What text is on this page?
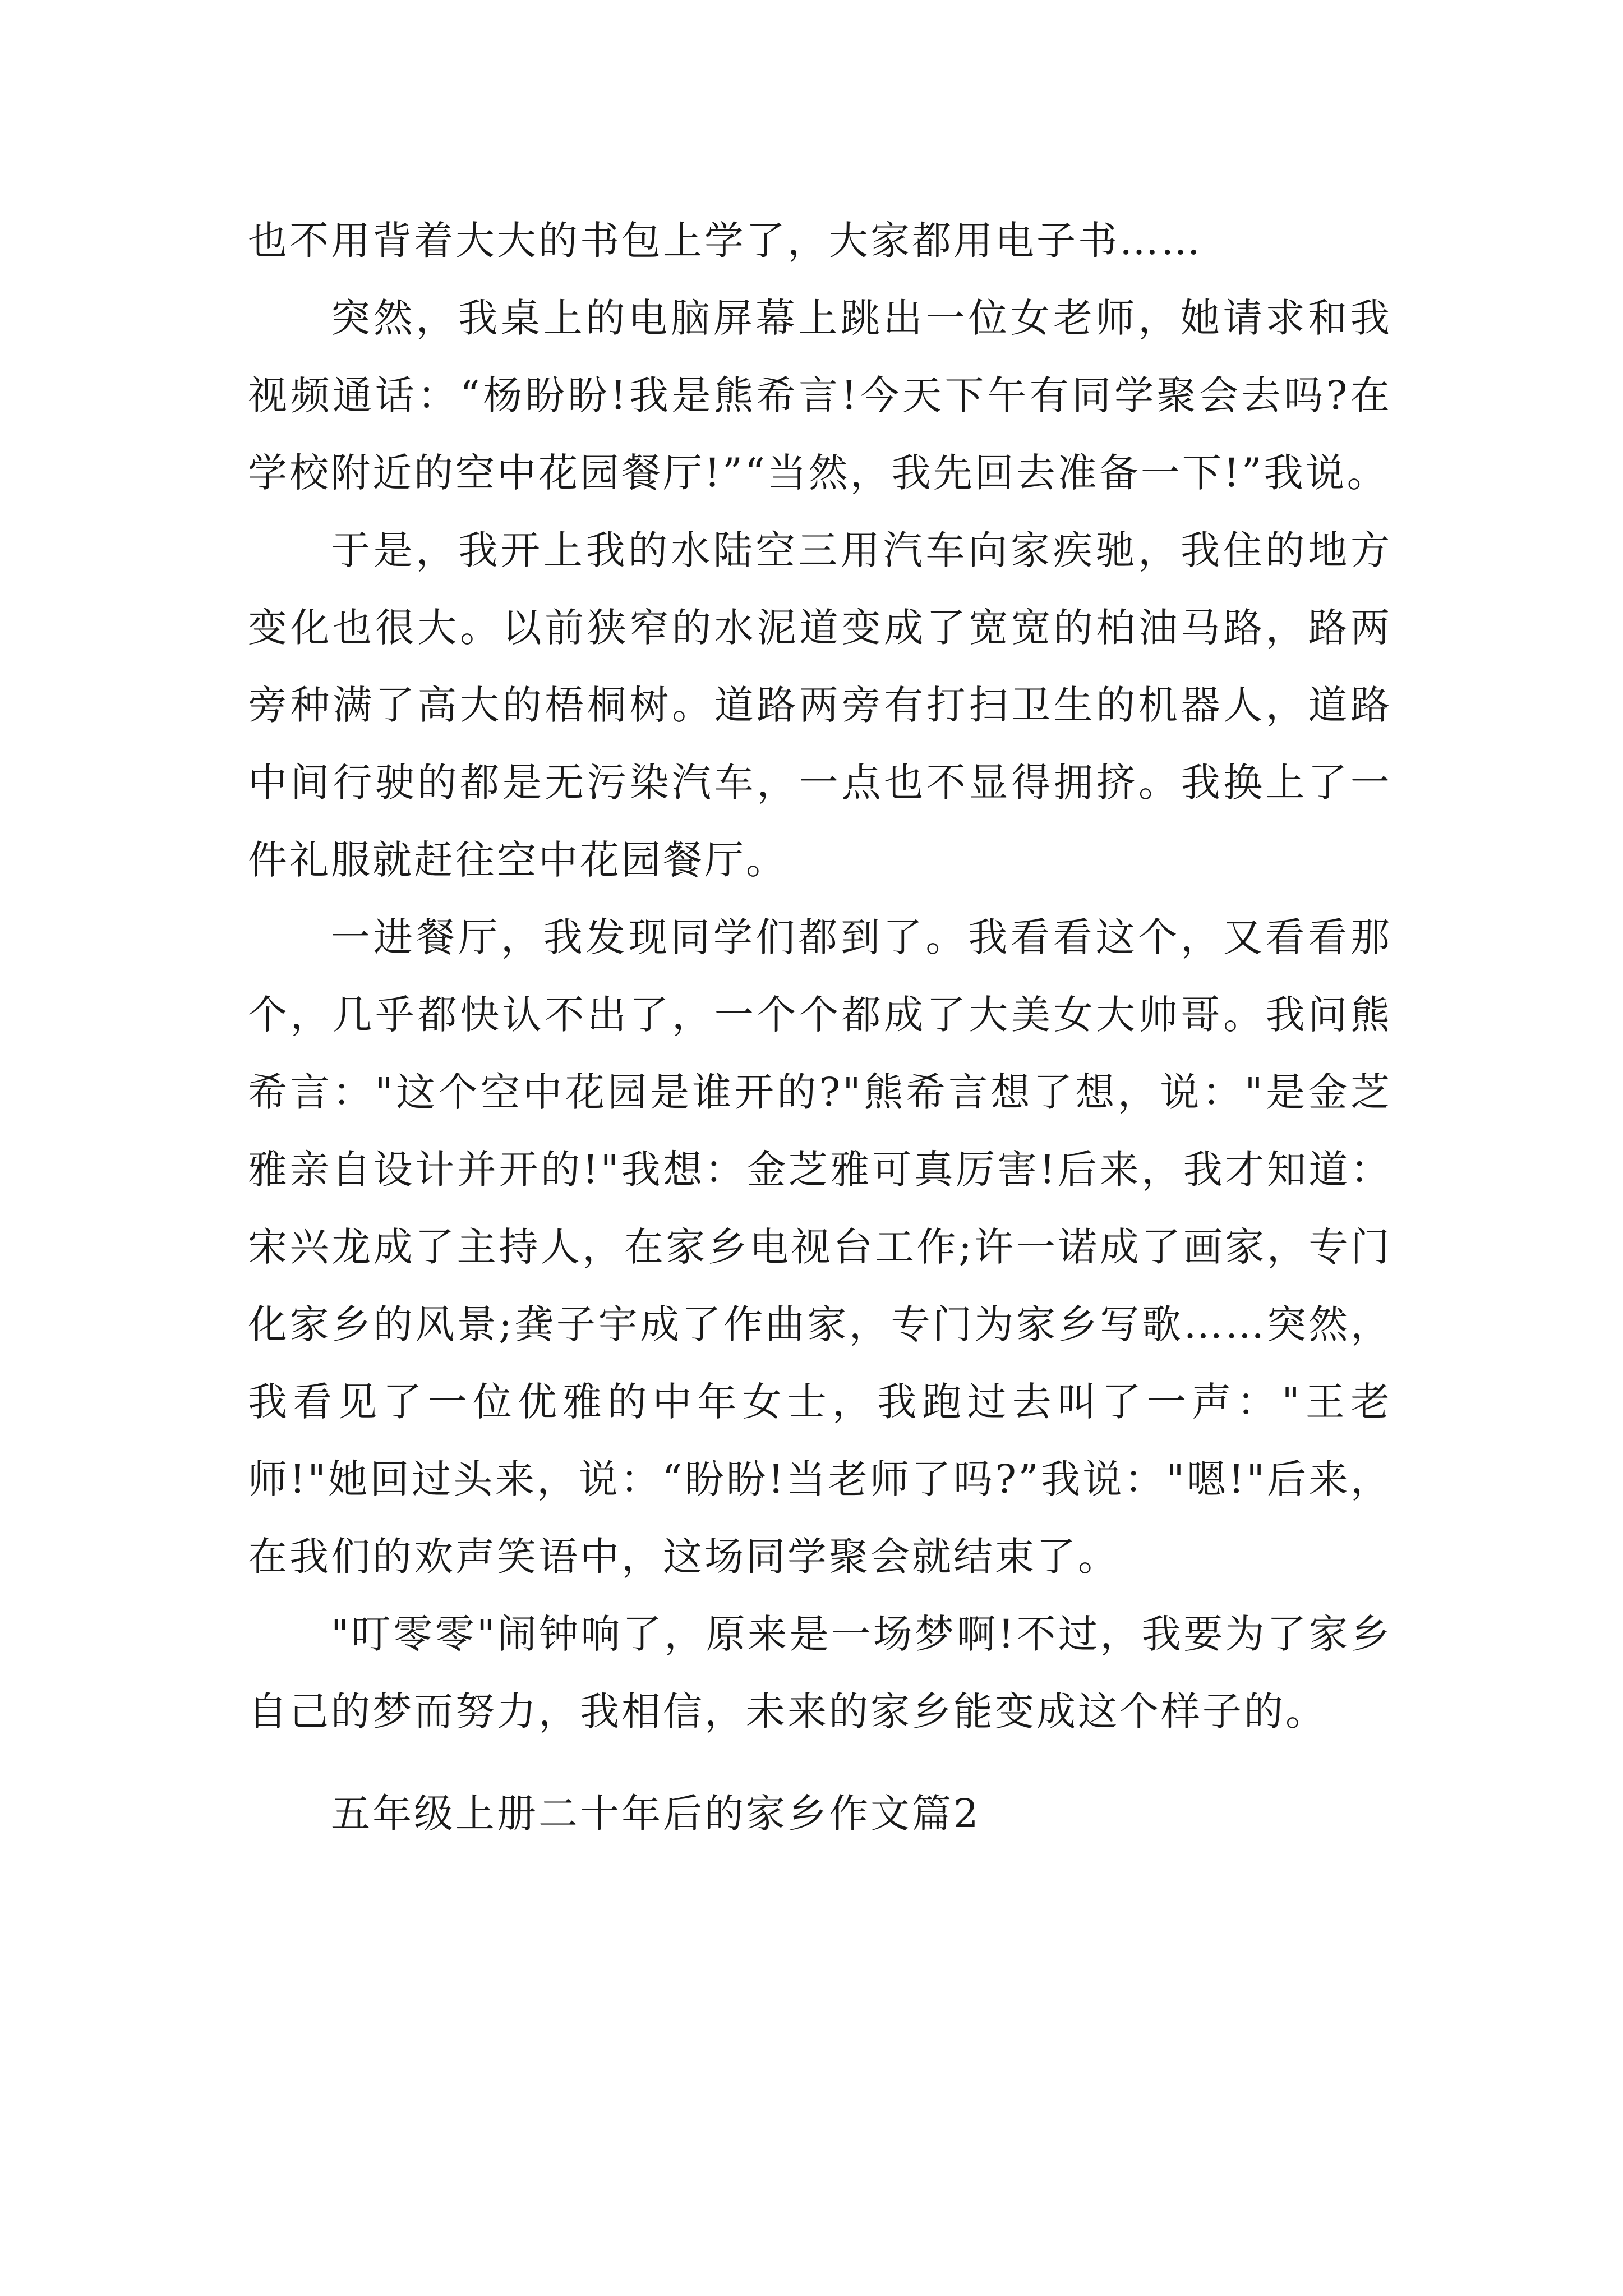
也不用背着大大的书包上学了，大家都用电子书……

突然，我桌上的电脑屏幕上跳出一位女老师，她请求和我视频通话：“杨盼盼!我是熊希言!今天下午有同学聚会去吗?在学校附近的空中花园餐厅!”“当然，我先回去准备一下!”我说。

于是，我开上我的水陆空三用汽车向家疾驰，我住的地方变化也很大。以前狭窄的水泥道变成了宽宽的柏油马路，路两旁种满了高大的梧桐树。道路两旁有打扫卫生的机器人，道路中间行驶的都是无污染汽车，一点也不显得拥挤。我换上了一件礼服就赶往空中花园餐厅。

一进餐厅，我发现同学们都到了。我看看这个，又看看那个，几乎都快认不出了，一个个都成了大美女大帅哥。我问熊希言："这个空中花园是谁开的?"熊希言想了想，说："是金芝雅亲自设计并开的!"我想：金芝雅可真厉害!后来，我才知道：宋兴龙成了主持人，在家乡电视台工作;许一诺成了画家，专门化家乡的风景;龚子宇成了作曲家，专门为家乡写歌……突然，我看见了一位优雅的中年女士，我跑过去叫了一声："王老师!"她回过头来，说：“盼盼!当老师了吗?”我说："嗯!"后来，在我们的欢声笑语中，这场同学聚会就结束了。

"叮零零"闹钟响了，原来是一场梦啊!不过，我要为了家乡自己的梦而努力，我相信，未来的家乡能变成这个样子的。

五年级上册二十年后的家乡作文篇2
